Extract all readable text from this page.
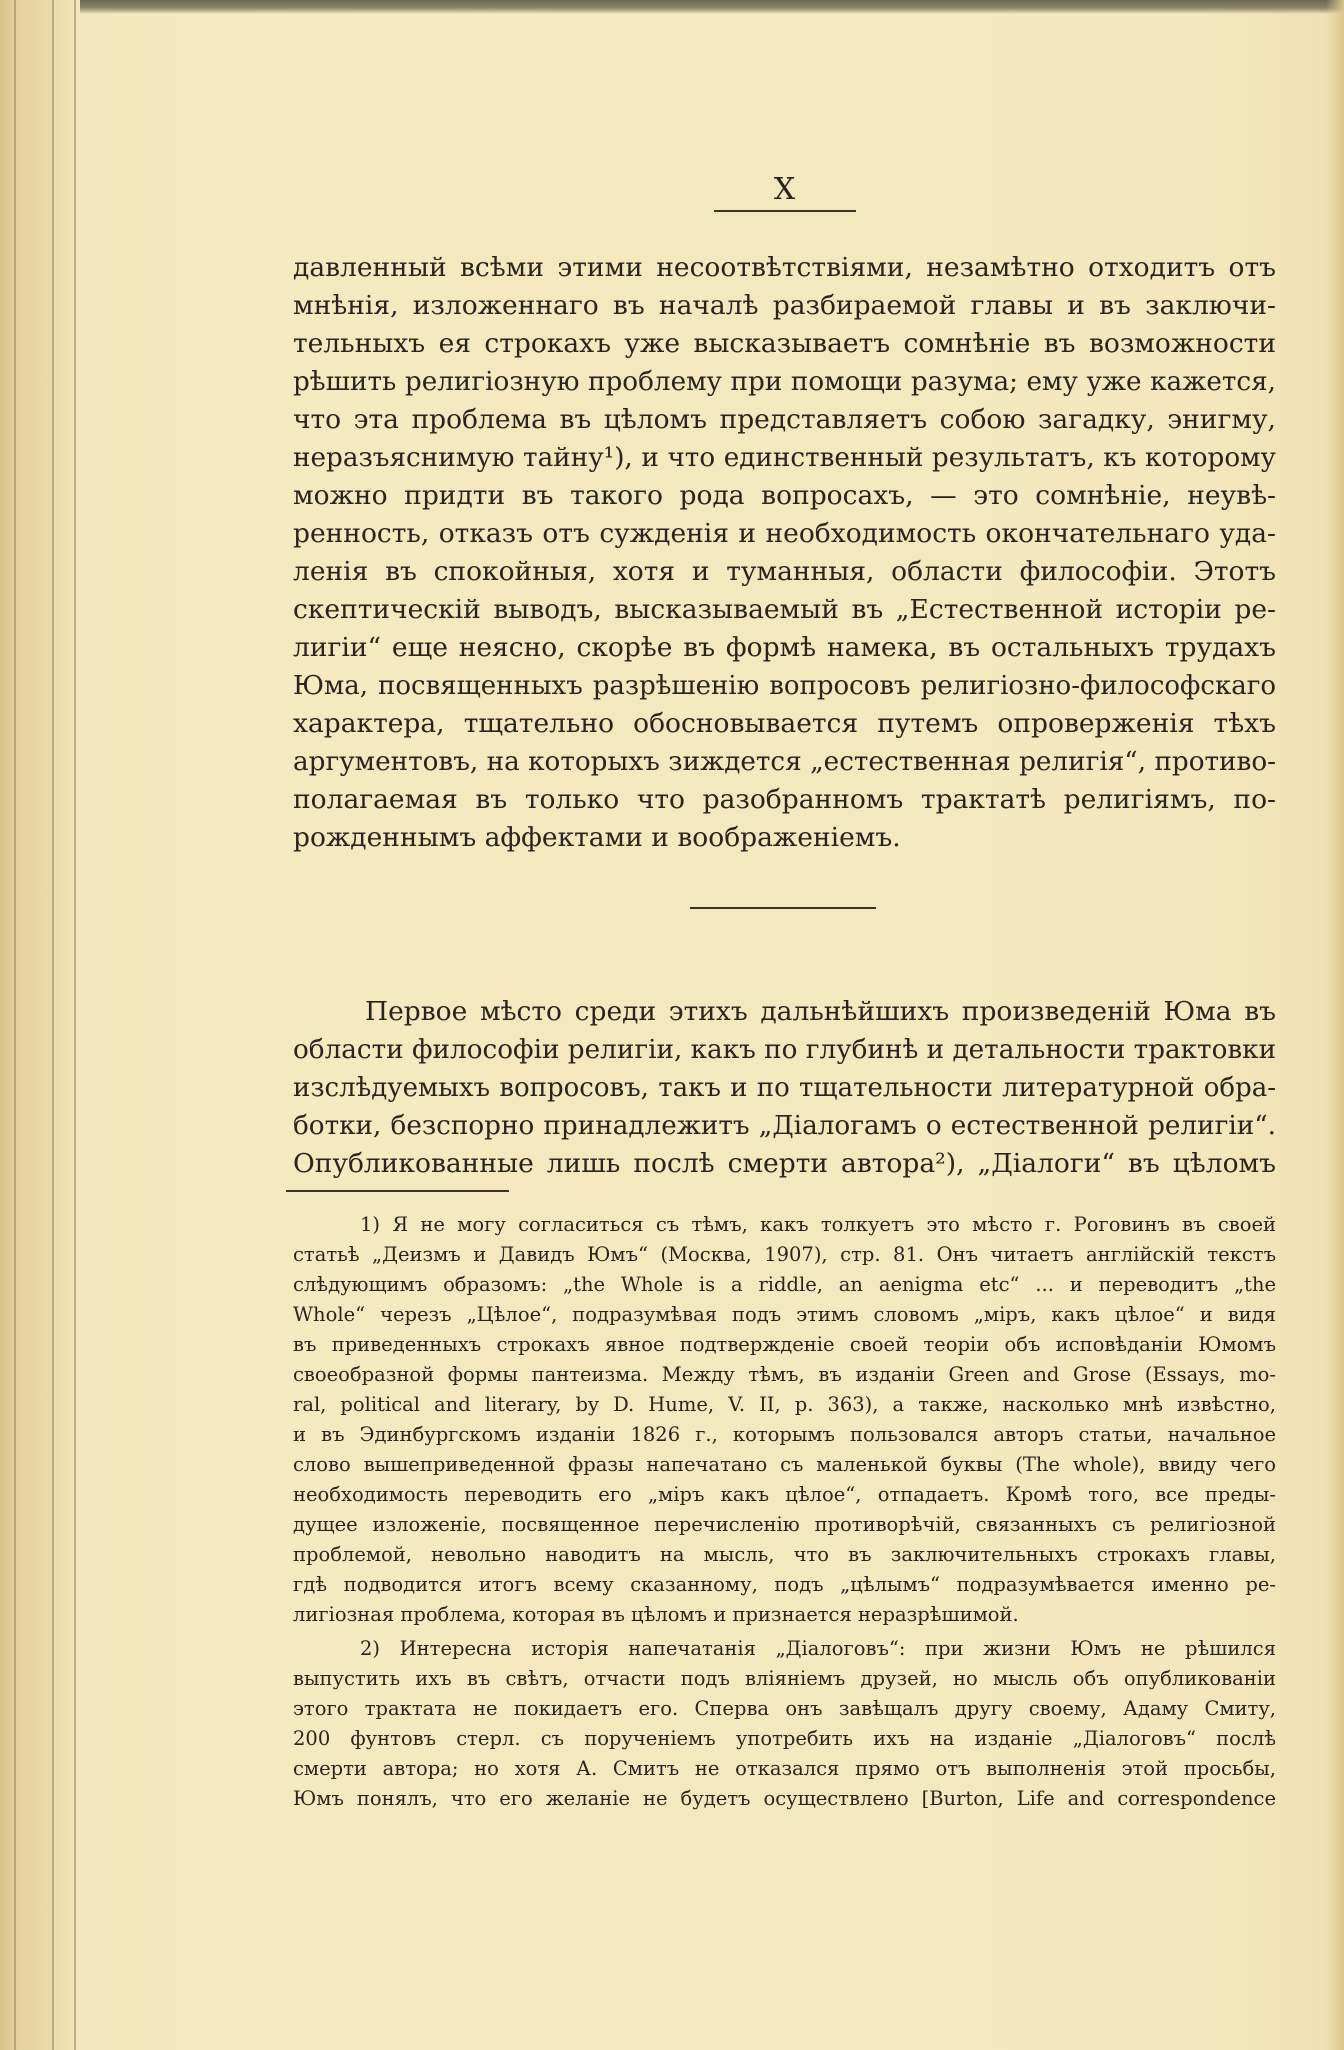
X
давленный всѣми этими несоотвѣтствіями, незамѣтно отходитъ отъ
мнѣнія, изложеннаго въ началѣ разбираемой главы и въ заключи-
тельныхъ ея строкахъ уже высказываетъ сомнѣніе въ возможности
рѣшить религіозную проблему при помощи разума; ему уже кажется,
что эта проблема въ цѣломъ представляетъ собою загадку, энигму,
неразъяснимую тайну¹), и что единственный результатъ, къ которому
можно придти въ такого рода вопросахъ, — это сомнѣніе, неувѣ-
ренность, отказъ отъ сужденія и необходимость окончательнаго уда-
ленія въ спокойныя, хотя и туманныя, области философіи. Этотъ
скептическій выводъ, высказываемый въ „Естественной исторіи ре-
лигіи“ еще неясно, скорѣе въ формѣ намека, въ остальныхъ трудахъ
Юма, посвященныхъ разрѣшенію вопросовъ религіозно-философскаго
характера, тщательно обосновывается путемъ опроверженія тѣхъ
аргументовъ, на которыхъ зиждется „естественная религія“, противо-
полагаемая въ только что разобранномъ трактатѣ религіямъ, по-
рожденнымъ аффектами и воображеніемъ.
Первое мѣсто среди этихъ дальнѣйшихъ произведеній Юма въ
области философіи религіи, какъ по глубинѣ и детальности трактовки
изслѣдуемыхъ вопросовъ, такъ и по тщательности литературной обра-
ботки, безспорно принадлежитъ „Діалогамъ о естественной религіи“.
Опубликованные лишь послѣ смерти автора²), „Діалоги“ въ цѣломъ
1) Я не могу согласиться съ тѣмъ, какъ толкуетъ это мѣсто г. Роговинъ въ своей
статьѣ „Деизмъ и Давидъ Юмъ“ (Москва, 1907), стр. 81. Онъ читаетъ англійскій текстъ
слѣдующимъ образомъ: „the Whole is a riddle, an aenigma etc“ ... и переводитъ „the
Whole“ черезъ „Цѣлое“, подразумѣвая подъ этимъ словомъ „міръ, какъ цѣлое“ и видя
въ приведенныхъ строкахъ явное подтвержденіе своей теоріи объ исповѣданіи Юмомъ
своеобразной формы пантеизма. Между тѣмъ, въ изданіи Green and Grose (Essays, mo-
ral, political and literary, by D. Hume, V. II, p. 363), а также, насколько мнѣ извѣстно,
и въ Эдинбургскомъ изданіи 1826 г., которымъ пользовался авторъ статьи, начальное
слово вышеприведенной фразы напечатано съ маленькой буквы (The whole), ввиду чего
необходимость переводить его „міръ какъ цѣлое“, отпадаетъ. Кромѣ того, все преды-
дущее изложеніе, посвященное перечисленію противорѣчій, связанныхъ съ религіозной
проблемой, невольно наводитъ на мысль, что въ заключительныхъ строкахъ главы,
гдѣ подводится итогъ всему сказанному, подъ „цѣлымъ“ подразумѣвается именно ре-
лигіозная проблема, которая въ цѣломъ и признается неразрѣшимой.
2) Интересна исторія напечатанія „Діалоговъ“: при жизни Юмъ не рѣшился
выпустить ихъ въ свѣтъ, отчасти подъ вліяніемъ друзей, но мысль объ опубликованіи
этого трактата не покидаетъ его. Сперва онъ завѣщалъ другу своему, Адаму Смиту,
200 фунтовъ стерл. съ порученіемъ употребить ихъ на изданіе „Діалоговъ“ послѣ
смерти автора; но хотя А. Смитъ не отказался прямо отъ выполненія этой просьбы,
Юмъ понялъ, что его желаніе не будетъ осуществлено [Burton, Life and correspondence
